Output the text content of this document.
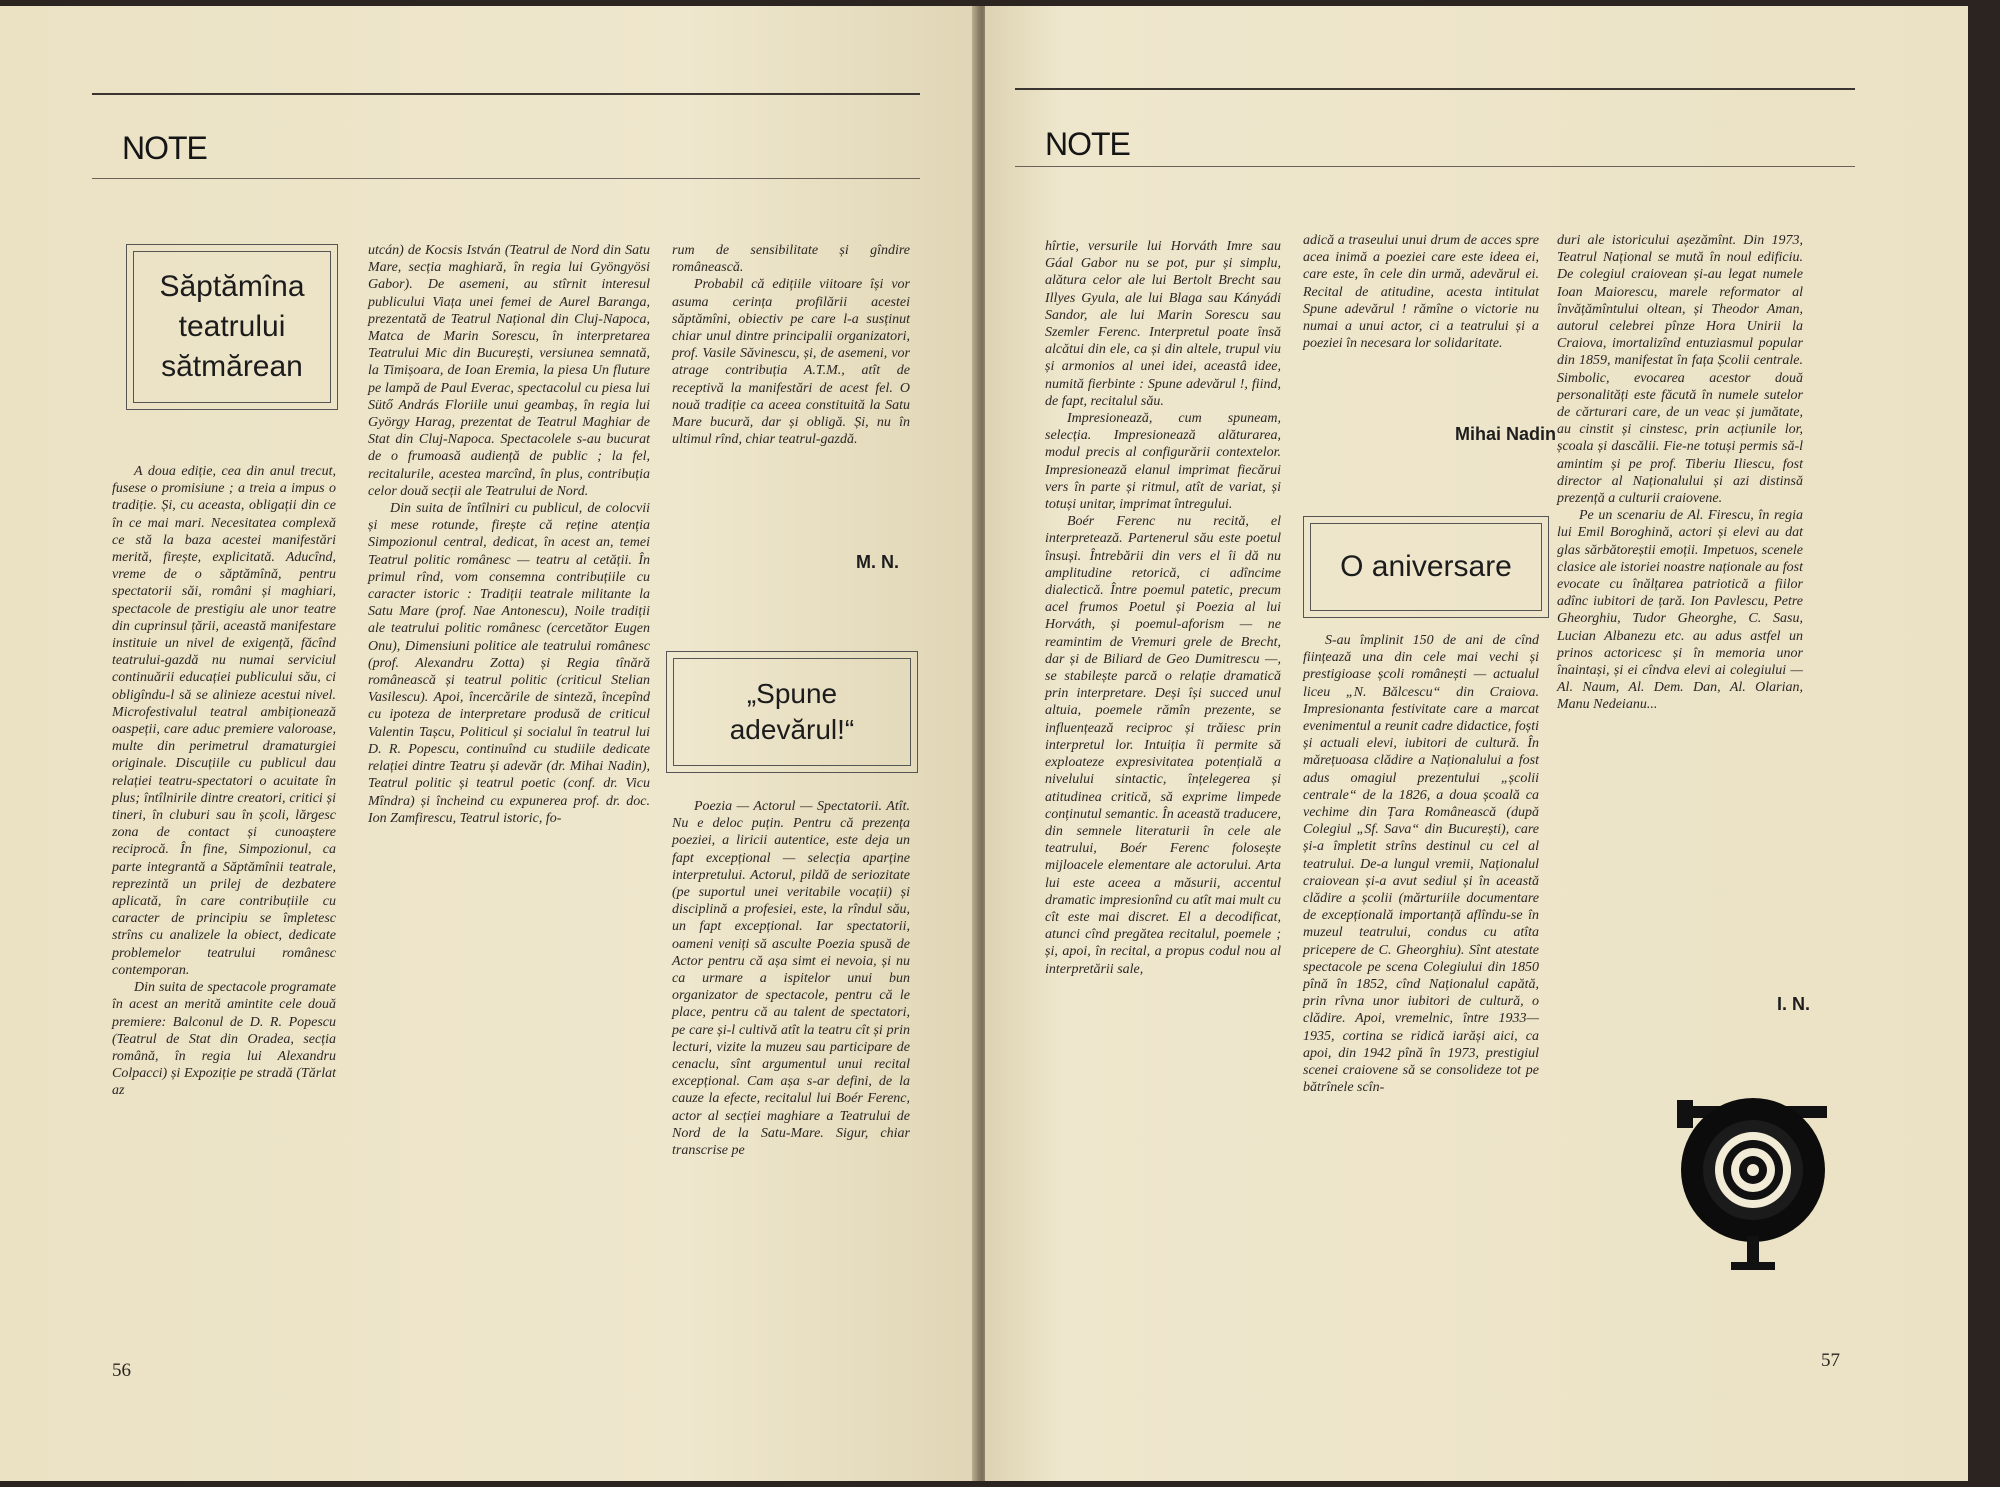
NOTE
Săptămîna teatrului sătmărean

A doua ediție, cea din anul trecut, fusese o promisiune ; a treia a impus o tradiție. Și, cu aceasta, obligații din ce în ce mai mari. Necesitatea complexă ce stă la baza acestei manifestări merită, firește, explicitată. Aducînd, vreme de o săptămînă, pentru spectatorii săi, români și maghiari, spectacole de prestigiu ale unor teatre din cuprinsul țării, această manifestare instituie un nivel de exigență, făcînd teatrului-gazdă nu numai serviciul continuării educației publicului său, ci obligîndu-l să se alinieze acestui nivel. Microfestivalul teatral ambiționează oaspeții, care aduc premiere valoroase, multe din perimetrul dramaturgiei originale. Discuțiile cu publicul dau relației teatru-spectatori o acuitate în plus; întîlnirile dintre creatori, critici și tineri, în cluburi sau în școli, lărgesc zona de contact și cunoaștere reciprocă. În fine, Simpozionul, ca parte integrantă a Săptămînii teatrale, reprezintă un prilej de dezbatere aplicată, în care contribuțiile cu caracter de principiu se împletesc strîns cu analizele la obiect, dedicate problemelor teatrului românesc contemporan.

Din suita de spectacole programate în acest an merită amintite cele două premiere: Balconul de D. R. Popescu (Teatrul de Stat din Oradea, secția română, în regia lui Alexandru Colpacci) și Expoziție pe stradă (Tărlat az

utcán) de Kocsis István (Teatrul de Nord din Satu Mare, secția maghiară, în regia lui Gyöngyösi Gabor). De asemeni, au stîrnit interesul publicului Viața unei femei de Aurel Baranga, prezentată de Teatrul Național din Cluj-Napoca, Matca de Marin Sorescu, în interpretarea Teatrului Mic din București, versiunea semnată, la Timișoara, de Ioan Eremia, la piesa Un fluture pe lampă de Paul Everac, spectacolul cu piesa lui Sütő András Floriile unui geambaș, în regia lui György Harag, prezentat de Teatrul Maghiar de Stat din Cluj-Napoca. Spectacolele s-au bucurat de o frumoasă audiență de public ; la fel, recitalurile, acestea marcînd, în plus, contribuția celor două secții ale Teatrului de Nord.

Din suita de întîlniri cu publicul, de colocvii și mese rotunde, firește că reține atenția Simpozionul central, dedicat, în acest an, temei Teatrul politic românesc — teatru al cetății. În primul rînd, vom consemna contribuțiile cu caracter istoric : Tradiții teatrale militante la Satu Mare (prof. Nae Antonescu), Noile tradiții ale teatrului politic românesc (cercetător Eugen Onu), Dimensiuni politice ale teatrului românesc (prof. Alexandru Zotta) și Regia tînără românească și teatrul politic (criticul Stelian Vasilescu). Apoi, încercările de sinteză, începînd cu ipoteza de interpretare produsă de criticul Valentin Tașcu, Politicul și socialul în teatrul lui D. R. Popescu, continuînd cu studiile dedicate relației dintre Teatru și adevăr (dr. Mihai Nadin), Teatrul politic și teatrul poetic (conf. dr. Vicu Mîndra) și încheind cu expunerea prof. dr. doc. Ion Zamfirescu, Teatrul istoric, fo-

rum de sensibilitate și gîndire românească.

Probabil că edițiile viitoare își vor asuma cerința profilării acestei săptămîni, obiectiv pe care l-a susținut chiar unul dintre principalii organizatori, prof. Vasile Săvinescu, și, de asemeni, vor atrage contribuția A.T.M., atît de receptivă la manifestări de acest fel. O nouă tradiție ca aceea constituită la Satu Mare bucură, dar și obligă. Și, nu în ultimul rînd, chiar teatrul-gazdă.

M. N.
„Spune
adevărul!“

Poezia — Actorul — Spectatorii. Atît. Nu e deloc puțin. Pentru că prezența poeziei, a liricii autentice, este deja un fapt excepțional — selecția aparține interpretului. Actorul, pildă de seriozitate (pe suportul unei veritabile vocații) și disciplină a profesiei, este, la rîndul său, un fapt excepțional. Iar spectatorii, oameni veniți să asculte Poezia spusă de Actor pentru că așa simt ei nevoia, și nu ca urmare a ispitelor unui bun organizator de spectacole, pentru că le place, pentru că au talent de spectatori, pe care și-l cultivă atît la teatru cît și prin lecturi, vizite la muzeu sau participare de cenaclu, sînt argumentul unui recital excepțional. Cam așa s-ar defini, de la cauze la efecte, recitalul lui Boér Ferenc, actor al secției maghiare a Teatrului de Nord de la Satu-Mare. Sigur, chiar transcrise pe

56
NOTE

hîrtie, versurile lui Horváth Imre sau Gáal Gabor nu se pot, pur și simplu, alătura celor ale lui Bertolt Brecht sau Illyes Gyula, ale lui Blaga sau Kányádi Sandor, ale lui Marin Sorescu sau Szemler Ferenc. Interpretul poate însă alcătui din ele, ca și din altele, trupul viu și armonios al unei idei, aceastâ idee, numită fierbinte : Spune adevărul !, fiind, de fapt, recitalul său.

Impresionează, cum spuneam, selecția. Impresionează alăturarea, modul precis al configurării contextelor. Impresionează elanul imprimat fiecărui vers în parte și ritmul, atît de variat, și totuși unitar, imprimat întregului.

Boér Ferenc nu recită, el interpretează. Partenerul său este poetul însuși. Întrebării din vers el îi dă nu amplitudine retorică, ci adîncime dialectică. Între poemul patetic, precum acel frumos Poetul și Poezia al lui Horváth, și poemul-aforism — ne reamintim de Vremuri grele de Brecht, dar și de Biliard de Geo Dumitrescu —, se stabilește parcă o relație dramatică prin interpretare. Deși își succed unul altuia, poemele rămîn prezente, se influențează reciproc și trăiesc prin interpretul lor. Intuiția îi permite să exploateze expresivitatea potențială a nivelului sintactic, înțelegerea și atitudinea critică, să exprime limpede conținutul semantic. În această traducere, din semnele literaturii în cele ale teatrului, Boér Ferenc folosește mijloacele elementare ale actorului. Arta lui este aceea a măsurii, accentul dramatic impresionînd cu atît mai mult cu cît este mai discret. El a decodificat, atunci cînd pregătea recitalul, poemele ; și, apoi, în recital, a propus codul nou al interpretării sale,

adică a traseului unui drum de acces spre acea inimă a poeziei care este ideea ei, care este, în cele din urmă, adevărul ei. Recital de atitudine, acesta intitulat Spune adevărul ! rămîne o victorie nu numai a unui actor, ci a teatrului și a poeziei în necesara lor solidaritate.

Mihai Nadin
O aniversare

S-au împlinit 150 de ani de cînd ființează una din cele mai vechi și prestigioase școli românești — actualul liceu „N. Bălcescu“ din Craiova. Impresionanta festivitate care a marcat evenimentul a reunit cadre didactice, foști și actuali elevi, iubitori de cultură. În mărețuoasa clădire a Naționalului a fost adus omagiul prezentului „școlii centrale“ de la 1826, a doua școală ca vechime din Țara Românească (după Colegiul „Sf. Sava“ din București), care și-a împletit strîns destinul cu cel al teatrului. De-a lungul vremii, Naționalul craiovean și-a avut sediul și în această clădire a școlii (mărturiile documentare de excepțională importanță aflîndu-se în muzeul teatrului, condus cu atîta pricepere de C. Gheorghiu). Sînt atestate spectacole pe scena Colegiului din 1850 pînă în 1852, cînd Naționalul capătă, prin rîvna unor iubitori de cultură, o clădire. Apoi, vremelnic, între 1933—1935, cortina se ridică iarăși aici, ca apoi, din 1942 pînă în 1973, prestigiul scenei craiovene să se consolideze tot pe bătrînele scîn-

duri ale istoricului așezămînt. Din 1973, Teatrul Național se mută în noul edificiu. De colegiul craiovean și-au legat numele Ioan Maiorescu, marele reformator al învățămîntului oltean, și Theodor Aman, autorul celebrei pînze Hora Unirii la Craiova, imortalizînd entuziasmul popular din 1859, manifestat în fața Școlii centrale. Simbolic, evocarea acestor două personalități este făcută în numele sutelor de cărturari care, de un veac și jumătate, au cinstit și cinstesc, prin acțiunile lor, școala și dascălii. Fie-ne totuși permis să-l amintim și pe prof. Tiberiu Iliescu, fost director al Naționalului și azi distinsă prezență a culturii craiovene.

Pe un scenariu de Al. Firescu, în regia lui Emil Boroghină, actori și elevi au dat glas sărbătoreștii emoții. Impetuos, scenele clasice ale istoriei noastre naționale au fost evocate cu înălțarea patriotică a fiilor adînc iubitori de țară. Ion Pavlescu, Petre Gheorghiu, Tudor Gheorghe, C. Sasu, Lucian Albanezu etc. au adus astfel un prinos actoricesc și în memoria unor înaintași, și ei cîndva elevi ai colegiului — Al. Naum, Al. Dem. Dan, Al. Olarian, Manu Nedeianu...

I. N.
57
